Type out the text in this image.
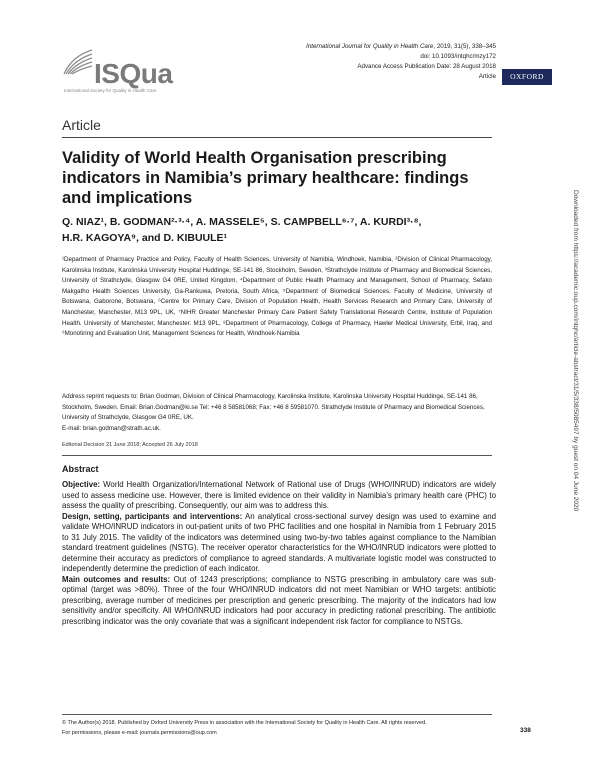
ISQua
International Society for Quality in Health Care
International Journal for Quality in Health Care, 2019, 31(5), 338–345
doi: 10.1093/intqhc/mzy172
Advance Access Publication Date: 28 August 2018
Article	OXFORD
Article
Validity of World Health Organisation prescribing indicators in Namibia’s primary healthcare: findings and implications
Q. NIAZ¹, B. GODMAN²·³·⁴, A. MASSELE⁵, S. CAMPBELL⁶·⁷, A. KURDI³·⁸,
H.R. KAGOYA⁹, and D. KIBUULE¹
¹Department of Pharmacy Practice and Policy, Faculty of Health Sciences, University of Namibia, Windhoek, Namibia, ²Division of Clinical Pharmacology, Karolinska Institute, Karolinska University Hospital Huddinge, SE-141 86, Stockholm, Sweden, ³Strathclyde Institute of Pharmacy and Biomedical Sciences, University of Strathclyde, Glasgow G4 0RE, United Kingdom, ⁴Department of Public Health Pharmacy and Management, School of Pharmacy, Sefako Makgatho Health Sciences University, Ga-Rankuwa, Pretoria, South Africa, ⁵Department of Biomedical Sciences, Faculty of Medicine, University of Botswana, Gaborone, Botswana, ⁶Centre for Primary Care, Division of Population Health, Health Services Research and Primary Care, University of Manchester, Manchester, M13 9PL, UK, ⁷NIHR Greater Manchester Primary Care Patient Safety Translational Research Centre, Institute of Population Health. University of Manchester, Manchester. M13 9PL, ⁸Department of Pharmacology, College of Pharmacy, Hawler Medical University, Erbil, Iraq, and ⁹Monotiring and Evaluation Unit, Management Sciences for Health, Windhoek-Namibia
Address reprint requests to: Brian Godman, Division of Clinical Pharmacology, Karolinska Institute, Karolinska University Hospital Huddinge, SE-141 86, Stockholm, Sweden. Email: Brian.Godman@ki.se Tel: +46 8 58581068; Fax: +46 8 59581070. Strathclyde Institute of Pharmacy and Biomedical Sciences, University of Strathclyde, Glasgow G4 0RE, UK.
E-mail: brian.godman@strath.ac.uk.
Editorial Decision 21 June 2018; Accepted 26 July 2018
Abstract

Objective: World Health Organization/International Network of Rational use of Drugs (WHO/INRUD) indicators are widely used to assess medicine use. However, there is limited evidence on their validity in Namibia’s primary health care (PHC) to assess the quality of prescribing. Consequently, our aim was to address this.

Design, setting, participants and interventions: An analytical cross-sectional survey design was used to examine and validate WHO/INRUD indicators in out-patient units of two PHC facilities and one hospital in Namibia from 1 February 2015 to 31 July 2015. The validity of the indicators was determined using two-by-two tables against compliance to the Namibian standard treatment guidelines (NSTG). The receiver operator characteristics for the WHO/INRUD indicators were plotted to determine their accuracy as predictors of compliance to agreed standards. A multivariate logistic model was constructed to independently determine the prediction of each indicator.

Main outcomes and results: Out of 1243 prescriptions; compliance to NSTG prescribing in ambulatory care was sub-optimal (target was >80%). Three of the four WHO/INRUD indicators did not meet Namibian or WHO targets: antibiotic prescribing, average number of medicines per prescription and generic prescribing. The majority of the indicators had low sensitivity and/or specificity. All WHO/INRUD indicators had poor accuracy in predicting rational prescribing. The antibiotic prescribing indicator was the only covariate that was a significant independent risk factor for compliance to NSTGs.

© The Author(s) 2018. Published by Oxford University Press in association with the International Society for Quality in Health Care. All rights reserved.
For permissions, please e-mail: journals.permissions@oup.com	338
Downloaded from https://academic.oup.com/intqhc/article-abstract/31/5/338/5085497 by guest on 04 June 2020
